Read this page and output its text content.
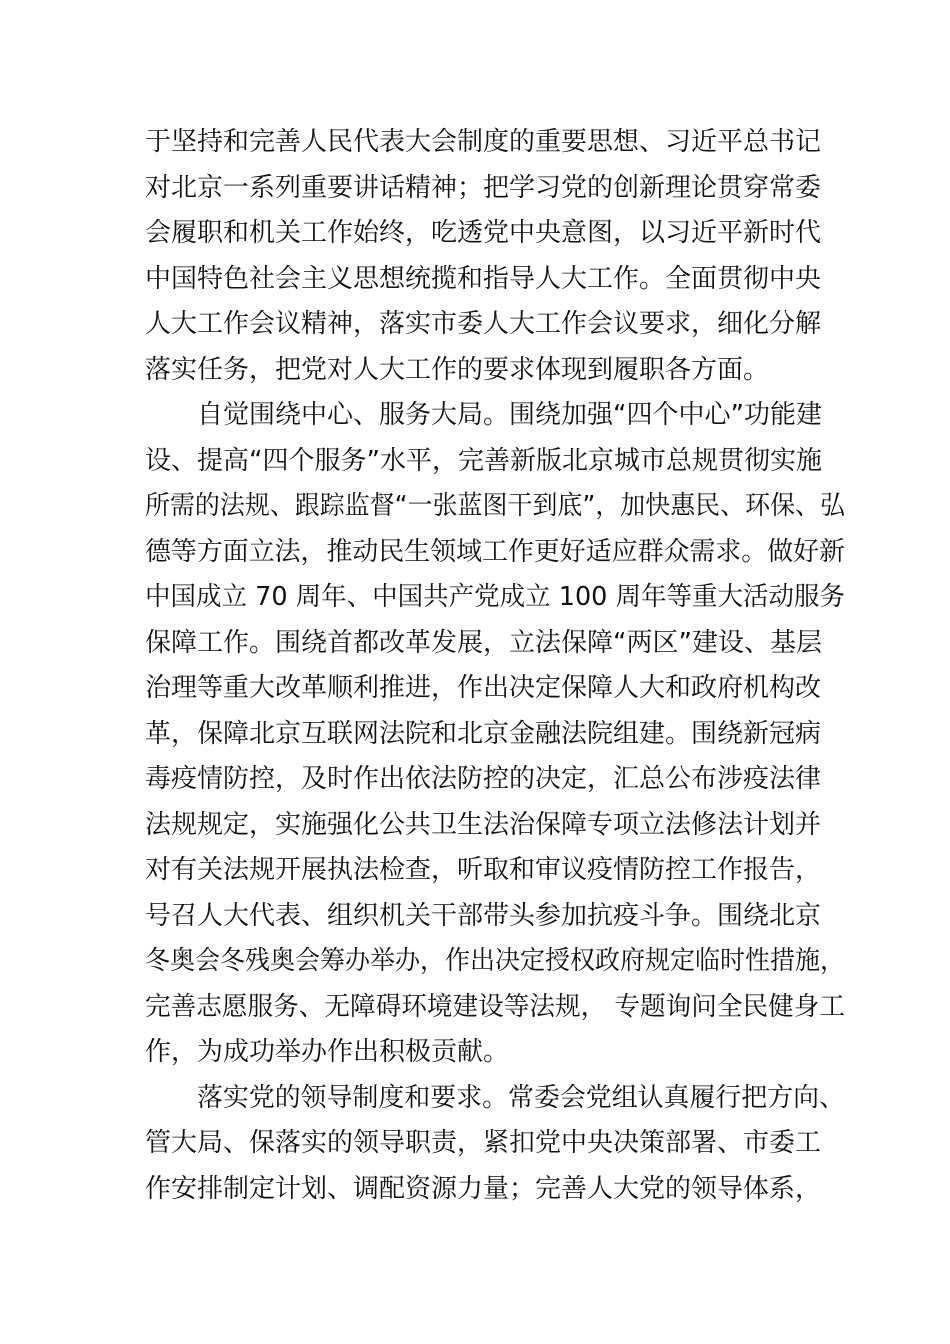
于坚持和完善人民代表大会制度的重要思想、习近平总书记
对北京一系列重要讲话精神；把学习党的创新理论贯穿常委
会履职和机关工作始终，吃透党中央意图，以习近平新时代
中国特色社会主义思想统揽和指导人大工作。全面贯彻中央
人大工作会议精神，落实市委人大工作会议要求，细化分解
落实任务，把党对人大工作的要求体现到履职各方面。
自觉围绕中心、服务大局。围绕加强“四个中心”功能建
设、提高“四个服务”水平，完善新版北京城市总规贯彻实施
所需的法规、跟踪监督“一张蓝图干到底”，加快惠民、环保、弘
德等方面立法，推动民生领域工作更好适应群众需求。做好新
中国成立 70 周年、中国共产党成立 100 周年等重大活动服务
保障工作。围绕首都改革发展，立法保障“两区”建设、基层
治理等重大改革顺利推进，作出决定保障人大和政府机构改
革，保障北京互联网法院和北京金融法院组建。围绕新冠病
毒疫情防控，及时作出依法防控的决定，汇总公布涉疫法律
法规规定，实施强化公共卫生法治保障专项立法修法计划并
对有关法规开展执法检查，听取和审议疫情防控工作报告，
号召人大代表、组织机关干部带头参加抗疫斗争。围绕北京
冬奥会冬残奥会筹办举办，作出决定授权政府规定临时性措施，
完善志愿服务、无障碍环境建设等法规， 专题询问全民健身工
作，为成功举办作出积极贡献。
落实党的领导制度和要求。常委会党组认真履行把方向、
管大局、保落实的领导职责，紧扣党中央决策部署、市委工
作安排制定计划、调配资源力量；完善人大党的领导体系，
